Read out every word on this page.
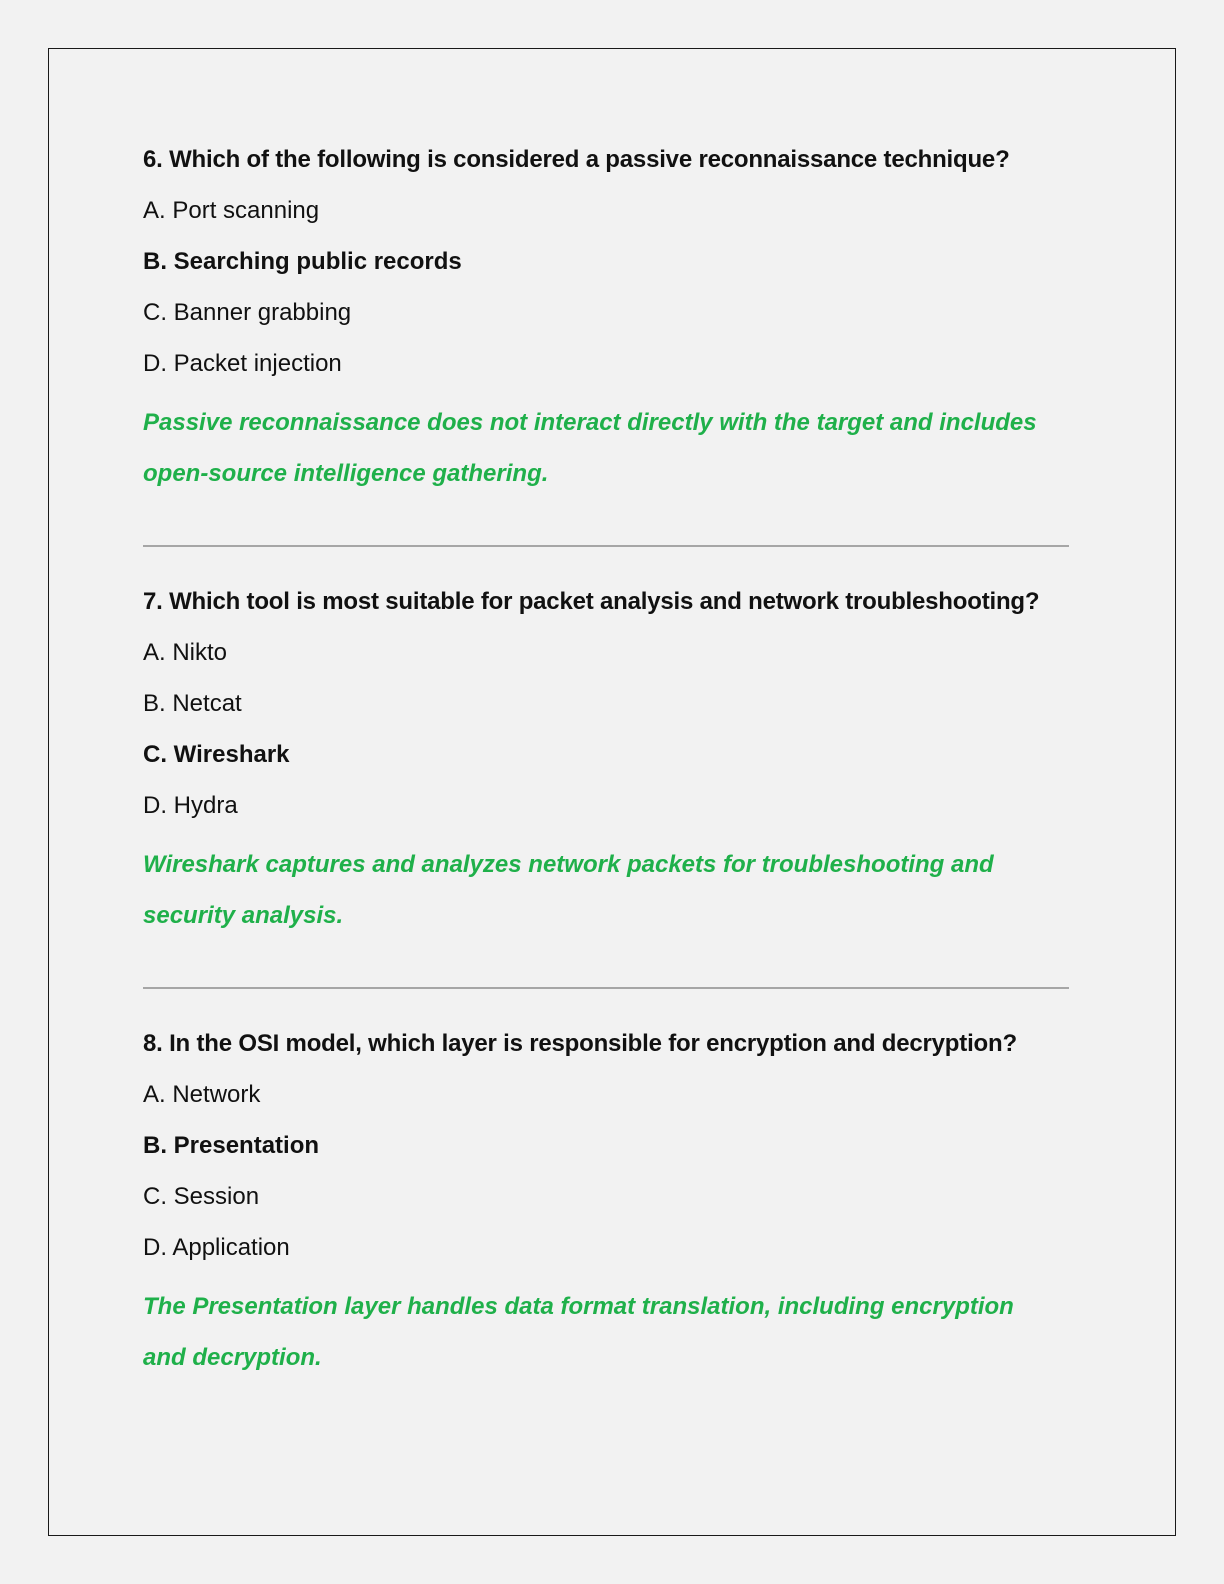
6. Which of the following is considered a passive reconnaissance technique?
A. Port scanning
B. Searching public records
C. Banner grabbing
D. Packet injection
Passive reconnaissance does not interact directly with the target and includes open-source intelligence gathering.
7. Which tool is most suitable for packet analysis and network troubleshooting?
A. Nikto
B. Netcat
C. Wireshark
D. Hydra
Wireshark captures and analyzes network packets for troubleshooting and security analysis.
8. In the OSI model, which layer is responsible for encryption and decryption?
A. Network
B. Presentation
C. Session
D. Application
The Presentation layer handles data format translation, including encryption and decryption.
